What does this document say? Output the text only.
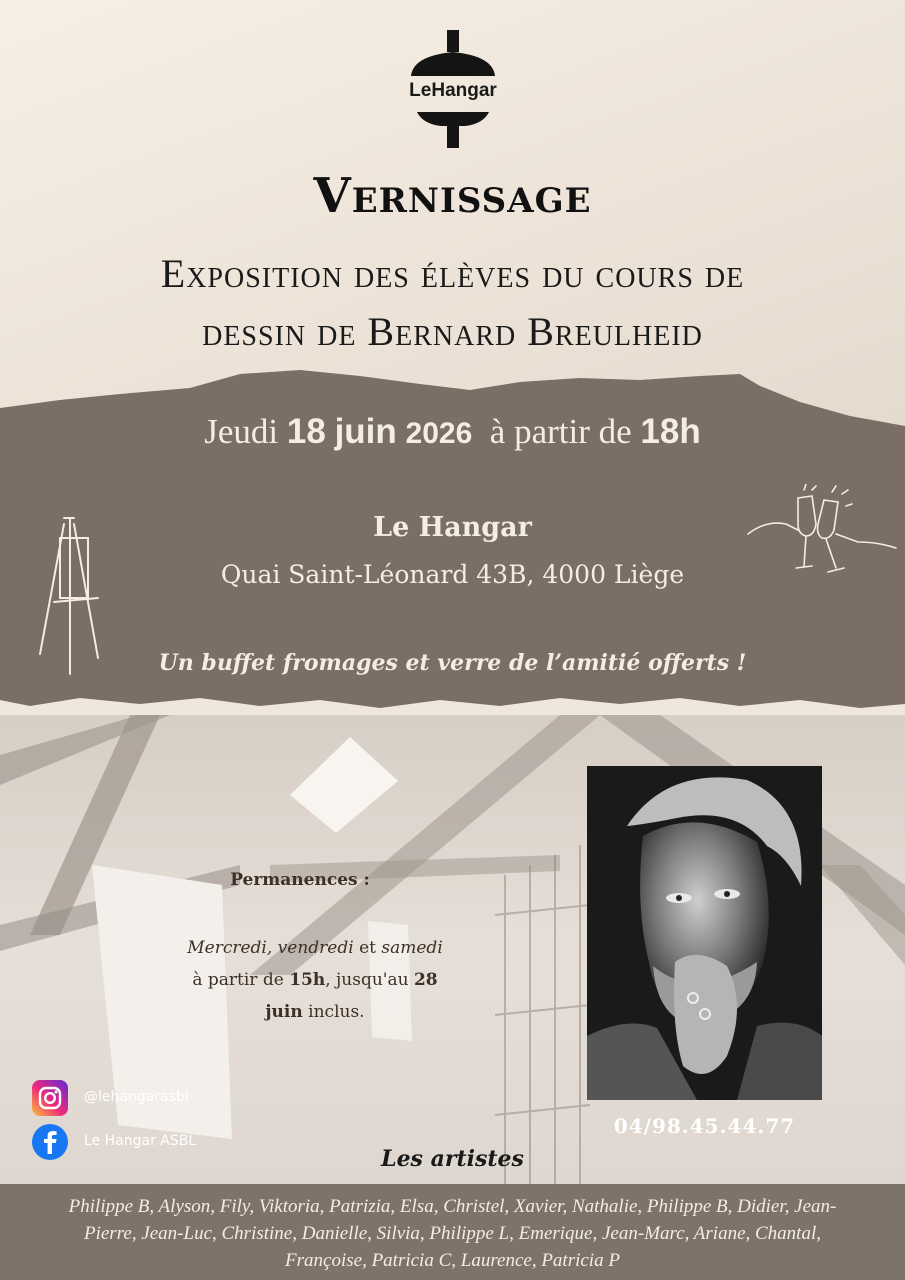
LeHangar
Vernissage
Exposition des élèves du cours de
dessin de Bernard Breulheid
Jeudi 18 juin 2026 à partir de 18h
Le Hangar
Quai Saint-Léonard 43B, 4000 Liège
Un buffet fromages et verre de l’amitié offerts !
Permanences :
Mercredi, vendredi et samedi
à partir de 15h, jusqu'au 28
juin inclus.
04/98.45.44.77
@lehangarasbl
Le Hangar ASBL
Les artistes
Philippe B, Alyson, Fily, Viktoria, Patrizia, Elsa, Christel, Xavier, Nathalie, Philippe B, Didier, Jean-
Pierre, Jean-Luc, Christine, Danielle, Silvia, Philippe L, Emerique, Jean-Marc, Ariane, Chantal,
Françoise, Patricia C, Laurence, Patricia P
